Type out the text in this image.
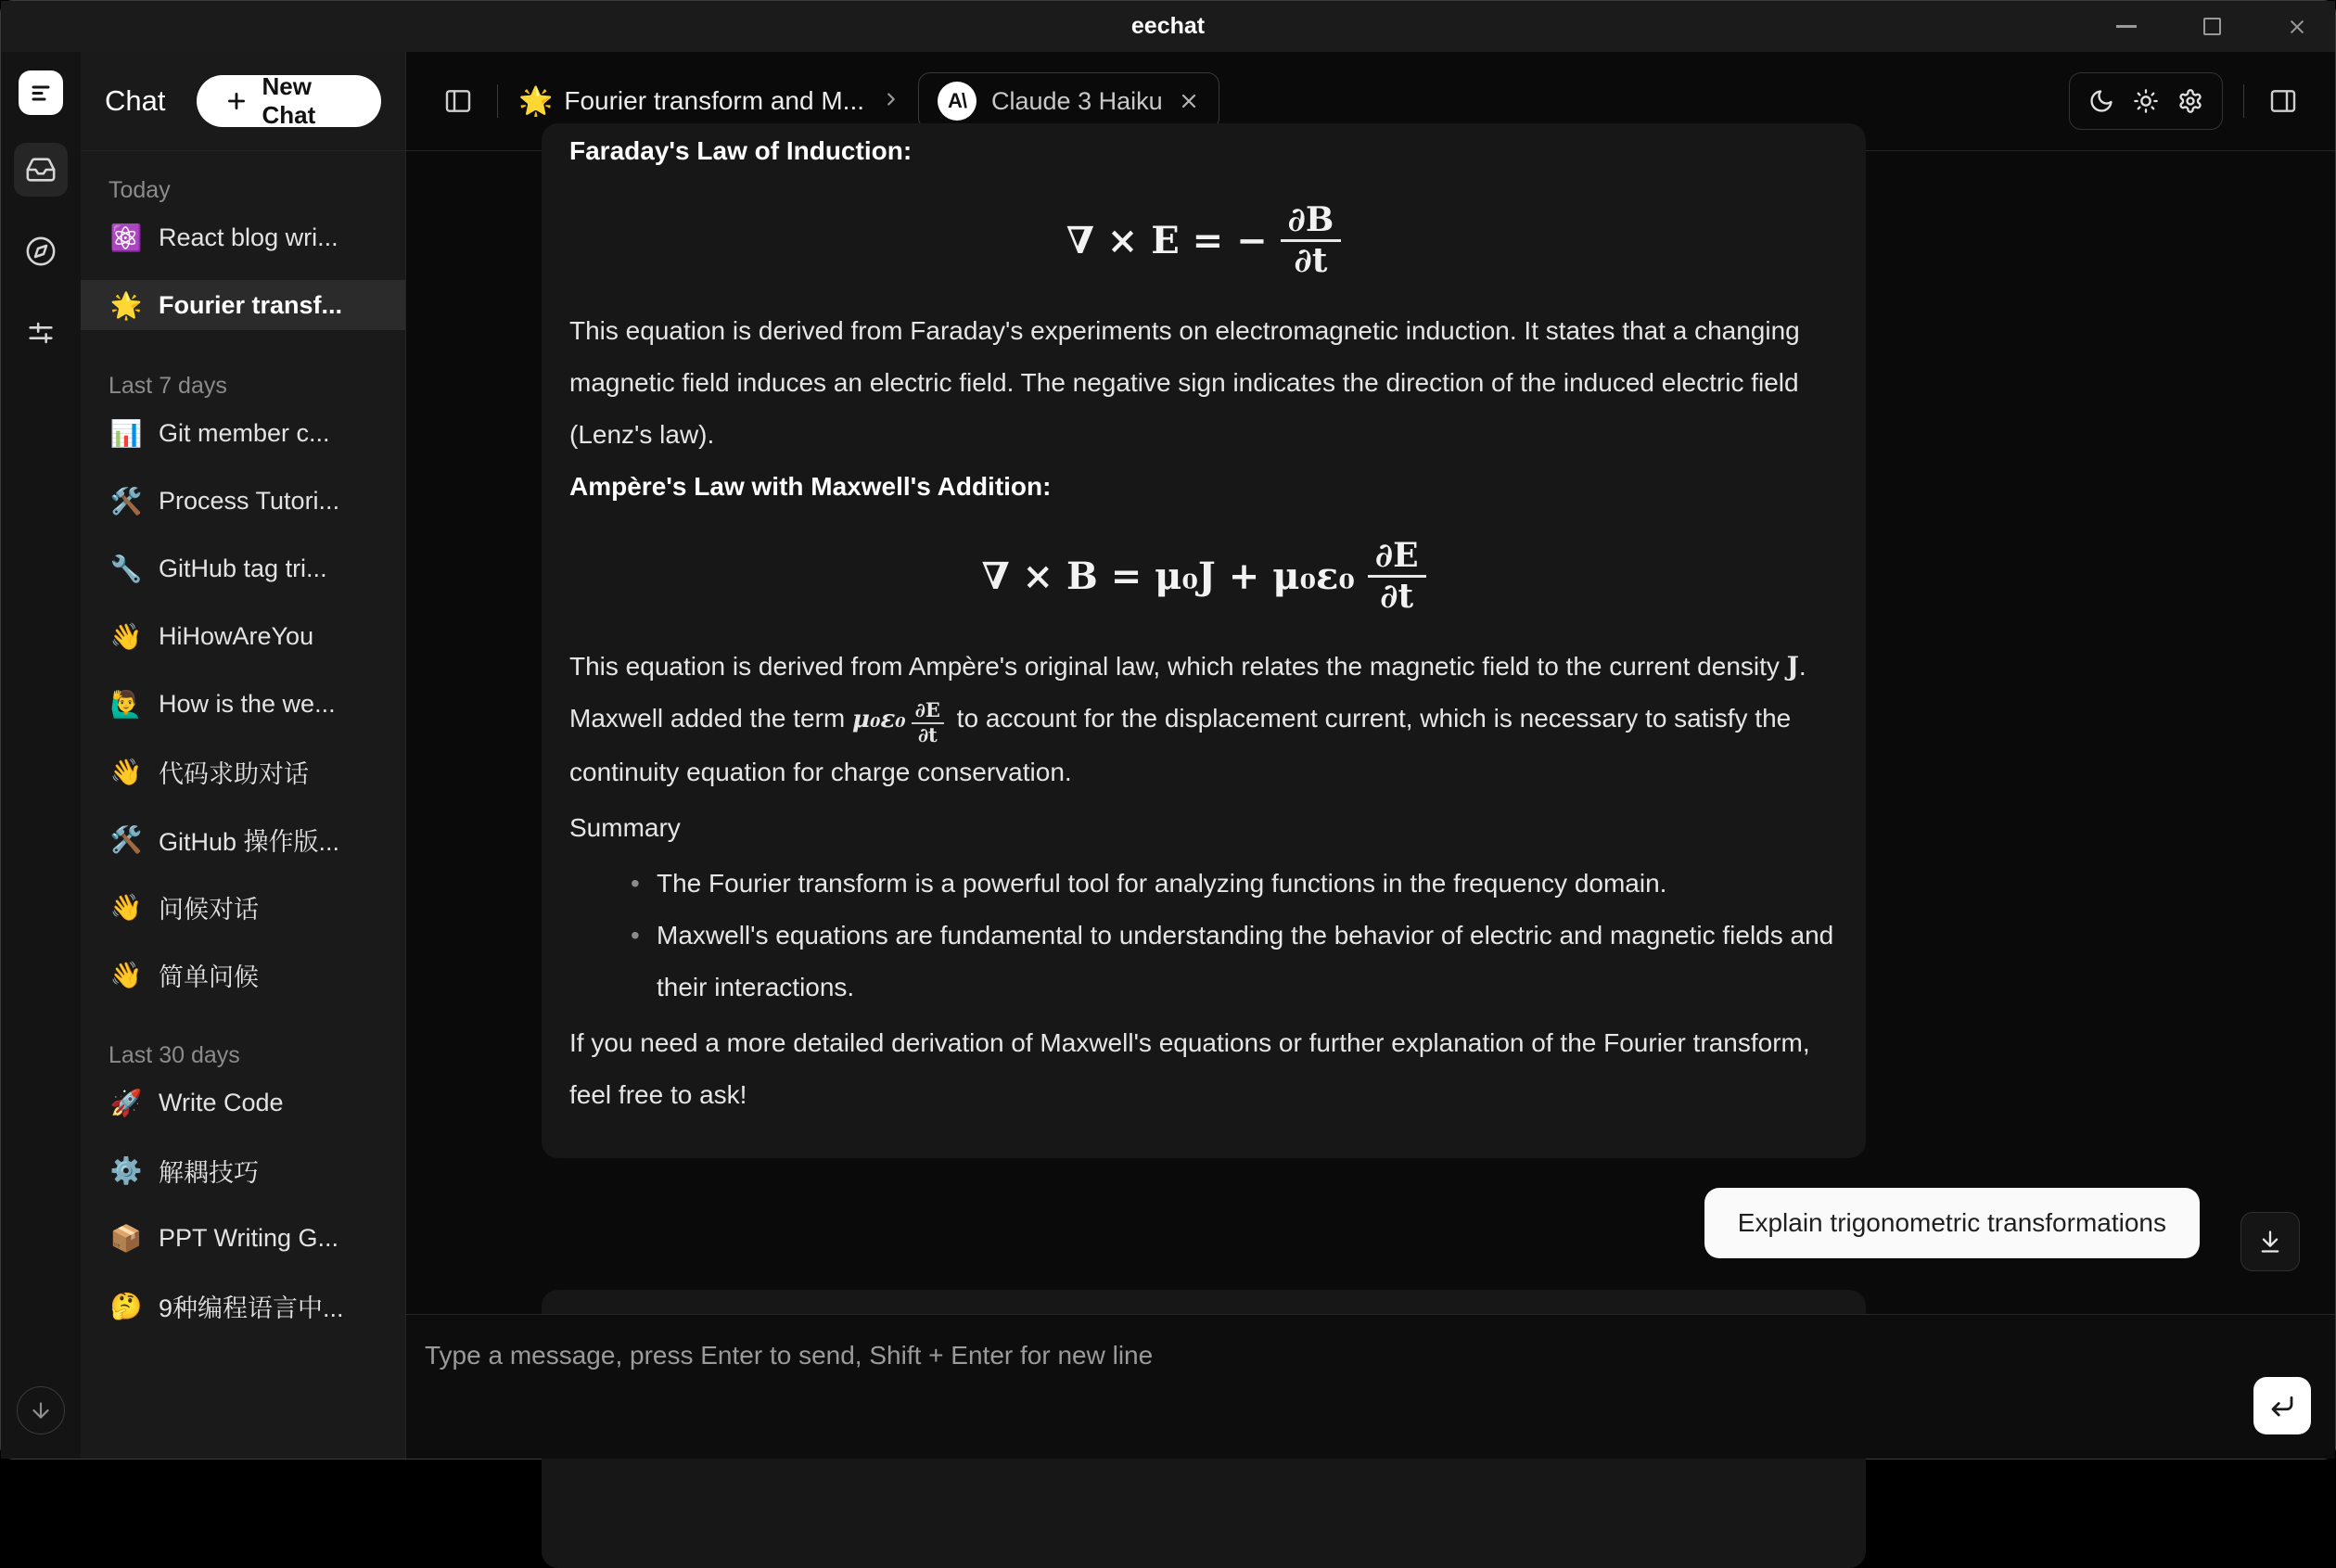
eechat
Chat	New Chat
Today
⚛️ React blog wri...
🌟 Fourier transf...
Last 7 days
📊 Git member c...
🛠️ Process Tutori...
🔧 GitHub tag tri...
👋 HiHowAreYou
🙋‍♂️ How is the we...
👋 代码求助对话
🛠️ GitHub 操作版...
👋 问候对话
👋 简单问候
Last 30 days
🚀 Write Code
⚙️ 解耦技巧
📦 PPT Writing G...
🤔 9种编程语言中...
🌟 Fourier transform and M...	A\	Claude 3 Haiku
Faraday's Law of Induction:
∇ × E = − $\frac{\partial B}{\partial t}$
This equation is derived from Faraday's experiments on electromagnetic induction. It states that a changing magnetic field induces an electric field. The negative sign indicates the direction of the induced electric field (Lenz's law).
Ampère's Law with Maxwell's Addition:
∇ × $B = \mu_0J + \mu_0\varepsilon_0 \frac{\partial E}{\partial t}$
This equation is derived from Ampère's original law, which relates the magnetic field to the current density J. Maxwell added the term $\mu_0\varepsilon_0 \frac{\partial E}{\partial t}$ to account for the displacement current, which is necessary to satisfy the continuity equation for charge conservation.
Summary
• The Fourier transform is a powerful tool for analyzing functions in the frequency domain.
• Maxwell's equations are fundamental to understanding the behavior of electric and magnetic fields and their interactions.
If you need a more detailed derivation of Maxwell's equations or further explanation of the Fourier transform, feel free to ask!
Explain trigonometric transformations
Type a message, press Enter to send, Shift + Enter for new line
